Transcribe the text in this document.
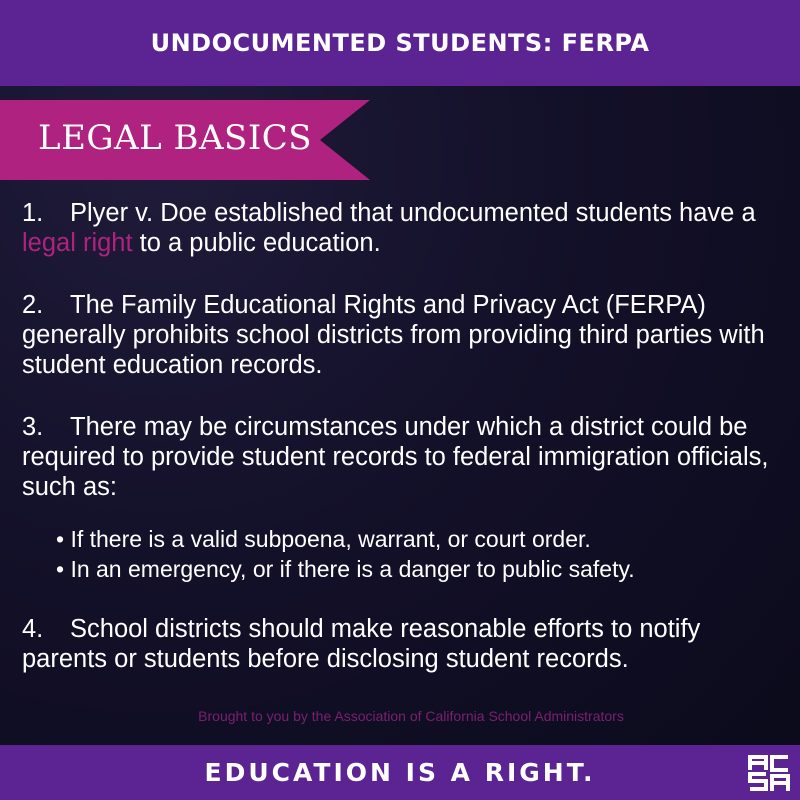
UNDOCUMENTED STUDENTS: FERPA
LEGAL BASICS
1. Plyer v. Doe established that undocumented students have a legal right to a public education.
2. The Family Educational Rights and Privacy Act (FERPA) generally prohibits school districts from providing third parties with student education records.
3. There may be circumstances under which a district could be required to provide student records to federal immigration officials, such as:
• If there is a valid subpoena, warrant, or court order.
• In an emergency, or if there is a danger to public safety.
4. School districts should make reasonable efforts to notify parents or students before disclosing student records.
Brought to you by the Association of California School Administrators
EDUCATION IS A RIGHT.
